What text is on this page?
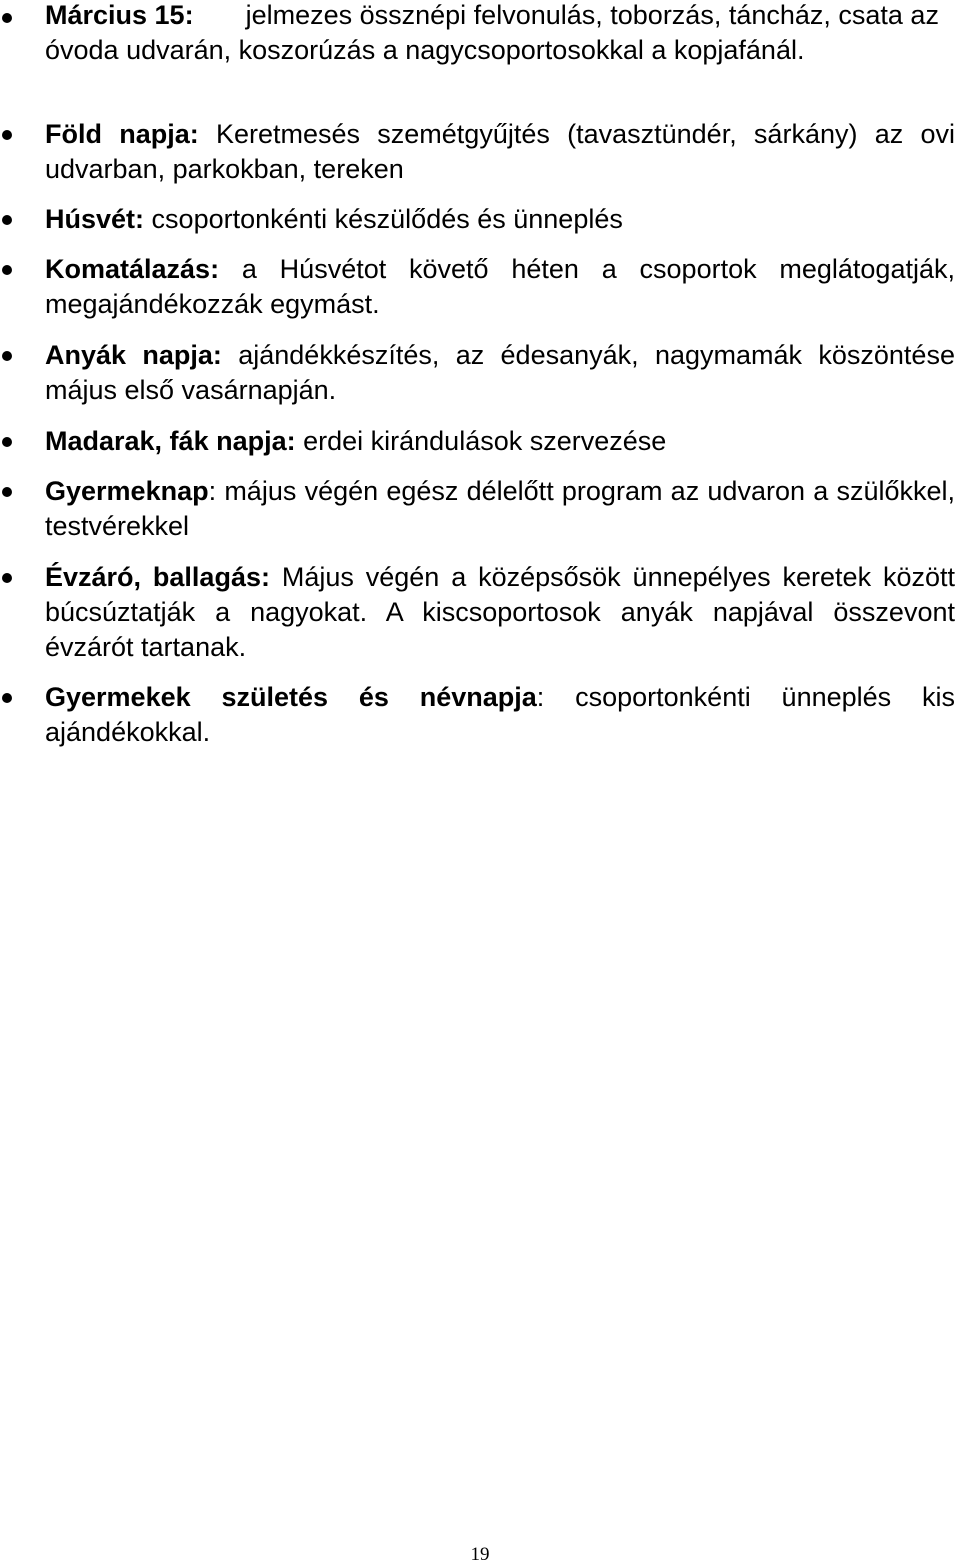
Március 15: jelmezes össznépi felvonulás, toborzás, táncház, csata az óvoda udvarán, koszorúzás a nagycsoportosokkal a kopjafánál.

Föld napja: Keretmesés szemétgyűjtés (tavasztündér, sárkány) az ovi udvarban, parkokban, tereken

Húsvét: csoportonkénti készülődés és ünneplés

Komatálazás: a Húsvétot követő héten a csoportok meglátogatják, megajándékozzák egymást.

Anyák napja: ajándékkészítés, az édesanyák, nagymamák köszöntése május első vasárnapján.

Madarak, fák napja: erdei kirándulások szervezése

Gyermeknap: május végén egész délelőtt program az udvaron a szülőkkel, testvérekkel

Évzáró, ballagás: Május végén a középsősök ünnepélyes keretek között búcsúztatják a nagyokat. A kiscsoportosok anyák napjával összevont évzárót tartanak.

Gyermekek születés és névnapja: csoportonkénti ünneplés kis ajándékokkal.

19
